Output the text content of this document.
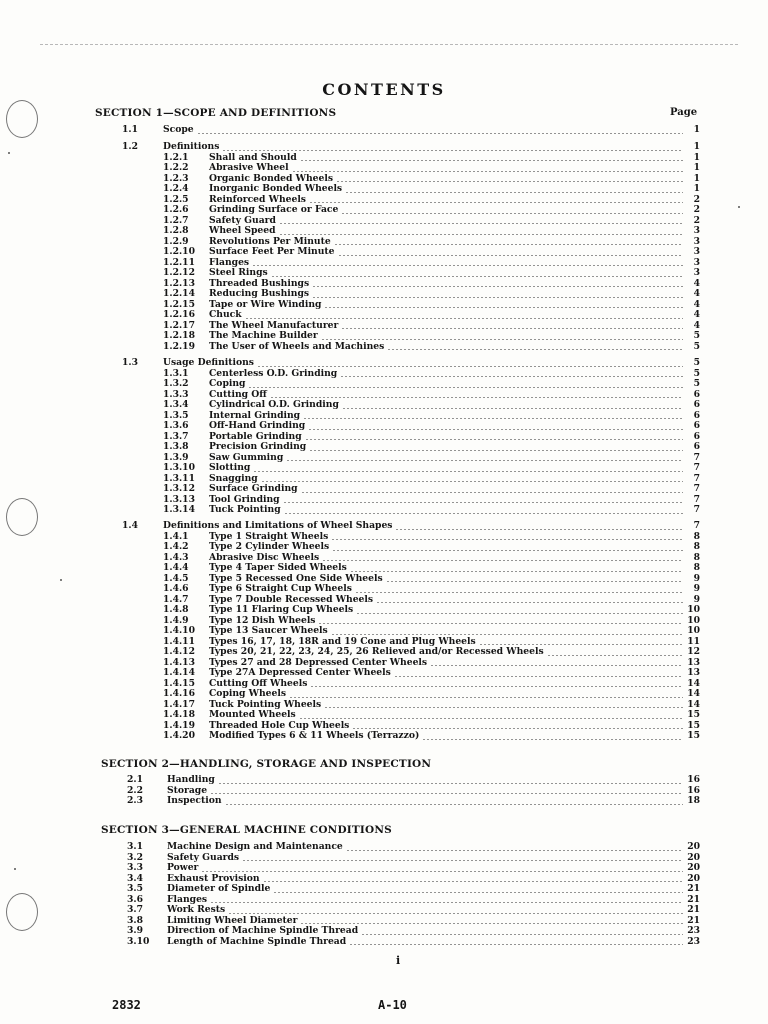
CONTENTS
Page
SECTION 1—SCOPE AND DEFINITIONS
1.1	Scope	1
1.2	Definitions	1
1.2.1	Shall and Should	1
1.2.2	Abrasive Wheel	1
1.2.3	Organic Bonded Wheels	1
1.2.4	Inorganic Bonded Wheels	1
1.2.5	Reinforced Wheels	2
1.2.6	Grinding Surface or Face	2
1.2.7	Safety Guard	2
1.2.8	Wheel Speed	3
1.2.9	Revolutions Per Minute	3
1.2.10	Surface Feet Per Minute	3
1.2.11	Flanges	3
1.2.12	Steel Rings	3
1.2.13	Threaded Bushings	4
1.2.14	Reducing Bushings	4
1.2.15	Tape or Wire Winding	4
1.2.16	Chuck	4
1.2.17	The Wheel Manufacturer	4
1.2.18	The Machine Builder	5
1.2.19	The User of Wheels and Machines	5
1.3	Usage Definitions	5
1.3.1	Centerless O.D. Grinding	5
1.3.2	Coping	5
1.3.3	Cutting Off	6
1.3.4	Cylindrical O.D. Grinding	6
1.3.5	Internal Grinding	6
1.3.6	Off-Hand Grinding	6
1.3.7	Portable Grinding	6
1.3.8	Precision Grinding	6
1.3.9	Saw Gumming	7
1.3.10	Slotting	7
1.3.11	Snagging	7
1.3.12	Surface Grinding	7
1.3.13	Tool Grinding	7
1.3.14	Tuck Pointing	7
1.4	Definitions and Limitations of Wheel Shapes	7
1.4.1	Type 1 Straight Wheels	8
1.4.2	Type 2 Cylinder Wheels	8
1.4.3	Abrasive Disc Wheels	8
1.4.4	Type 4 Taper Sided Wheels	8
1.4.5	Type 5 Recessed One Side Wheels	9
1.4.6	Type 6 Straight Cup Wheels	9
1.4.7	Type 7 Double Recessed Wheels	9
1.4.8	Type 11 Flaring Cup Wheels	10
1.4.9	Type 12 Dish Wheels	10
1.4.10	Type 13 Saucer Wheels	10
1.4.11	Types 16, 17, 18, 18R and 19 Cone and Plug Wheels	11
1.4.12	Types 20, 21, 22, 23, 24, 25, 26 Relieved and/or Recessed Wheels	12
1.4.13	Types 27 and 28 Depressed Center Wheels	13
1.4.14	Type 27A Depressed Center Wheels	13
1.4.15	Cutting Off Wheels	14
1.4.16	Coping Wheels	14
1.4.17	Tuck Pointing Wheels	14
1.4.18	Mounted Wheels	15
1.4.19	Threaded Hole Cup Wheels	15
1.4.20	Modified Types 6 & 11 Wheels (Terrazzo)	15
SECTION 2—HANDLING, STORAGE AND INSPECTION
2.1	Handling	16
2.2	Storage	16
2.3	Inspection	18
SECTION 3—GENERAL MACHINE CONDITIONS
3.1	Machine Design and Maintenance	20
3.2	Safety Guards	20
3.3	Power	20
3.4	Exhaust Provision	20
3.5	Diameter of Spindle	21
3.6	Flanges	21
3.7	Work Rests	21
3.8	Limiting Wheel Diameter	21
3.9	Direction of Machine Spindle Thread	23
3.10	Length of Machine Spindle Thread	23
i
2832	A-10
